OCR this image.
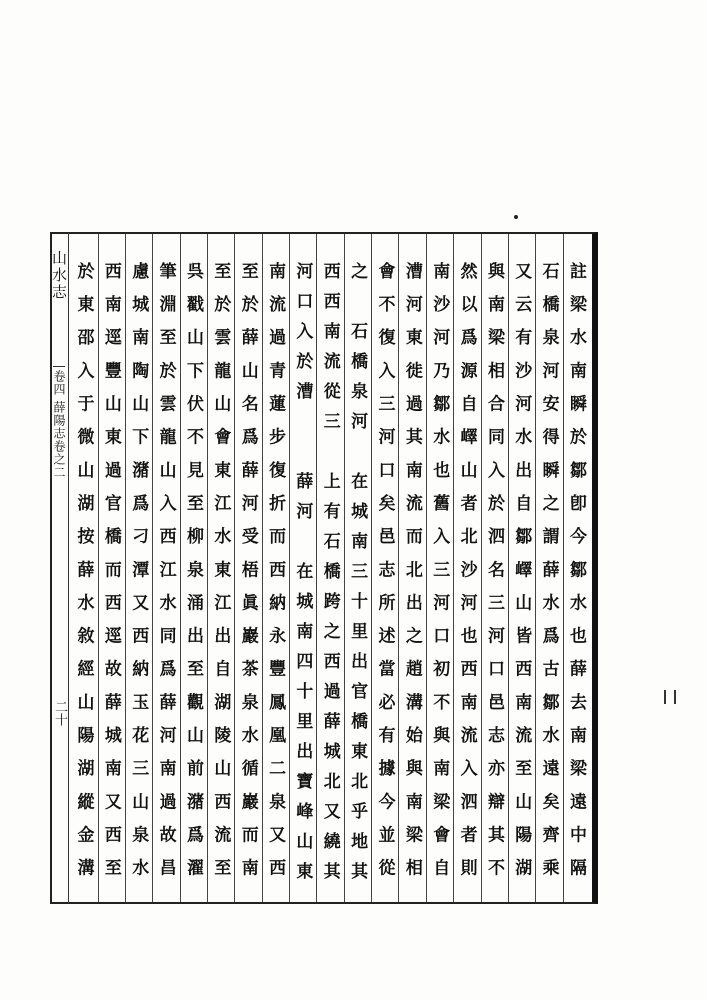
山水志
卷四 薛陽志卷之二
二十	註梁水南瞬於鄒卽今鄒水也薛去南梁遠中隔
石橋泉河安得瞬之謂薛水爲古鄒水遠矣齊乘
又云有沙河水出自鄒嶧山皆西南流至山陽湖
與南梁相合同入於泗名三河口邑志亦辯其不
然以爲源自嶧山者北沙河也西南流入泗者則
南沙河乃鄒水也舊入三河口初不與南梁會自
漕河東徙過其南流而北出之趙溝始與南梁相
會不復入三河口矣邑志所述當必有據今並從
之　石橋泉河　在城南三十里出官橋東北乎地其
西西南流從三　上有石橋跨之西過薛城北又繞其
河口入於漕　　薛河　在城南四十里出寶峰山東
南流過青蓮步復折而西納永豐鳳凰二泉又西
至於薛山名爲薛河受梧眞巖茶泉水循巖而南
至於雲龍山會東江水東江出自湖陵山西流至
呉戳山下伏不見至柳泉涌出至觀山前潴爲濯
筆淵至於雲龍山入西江水同爲薛河南過故昌
慮城南陶山下潴爲刁潭又西納玉花三山泉水
西南逕豐山東過官橋而西逕故薛城南又西至
於東邵入于微山湖按薛水敘經山陽湖縱金溝
